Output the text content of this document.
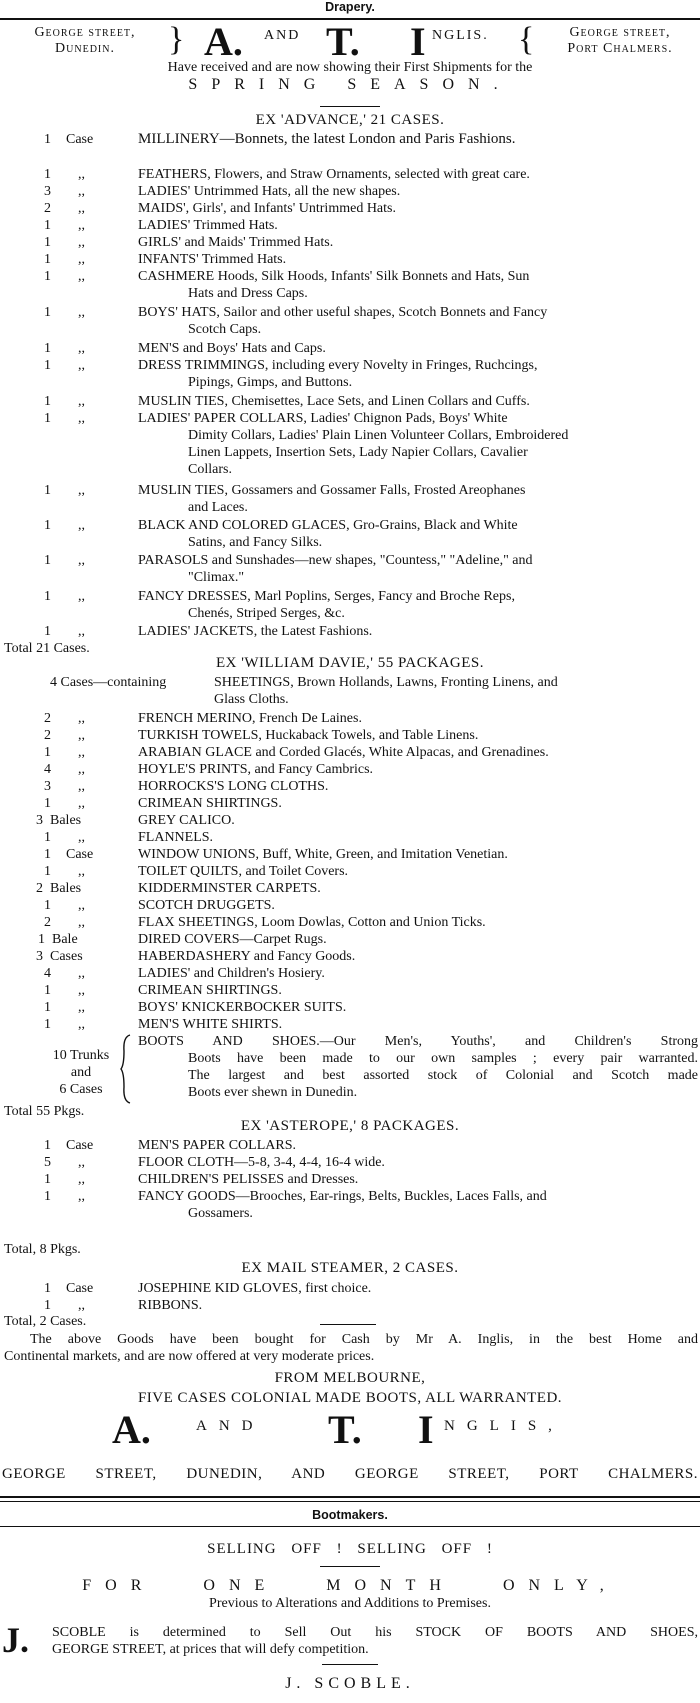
Drapery.
George street,
Dunedin.	} A. AND T. I NGLIS. {	George street,
Port Chalmers.
Have received and are now showing their First Shipments for the
SPRING SEASON.
EX 'ADVANCE,' 21 CASES.
1	Case	MILLINERY—Bonnets, the latest London and Paris Fashions.
1	,,	FEATHERS, Flowers, and Straw Ornaments, selected with great care.
3	,,	LADIES' Untrimmed Hats, all the new shapes.
2	,,	MAIDS', Girls', and Infants' Untrimmed Hats.
1	,,	LADIES' Trimmed Hats.
1	,,	GIRLS' and Maids' Trimmed Hats.
1	,,	INFANTS' Trimmed Hats.
1	,,	CASHMERE Hoods, Silk Hoods, Infants' Silk Bonnets and Hats, Sun
Hats and Dress Caps.
1	,,	BOYS' HATS, Sailor and other useful shapes, Scotch Bonnets and Fancy
Scotch Caps.
1	,,	MEN'S and Boys' Hats and Caps.
1	,,	DRESS TRIMMINGS, including every Novelty in Fringes, Ruchcings,
Pipings, Gimps, and Buttons.
1	,,	MUSLIN TIES, Chemisettes, Lace Sets, and Linen Collars and Cuffs.
1	,,	LADIES' PAPER COLLARS, Ladies' Chignon Pads, Boys' White
Dimity Collars, Ladies' Plain Linen Volunteer Collars, Embroidered
Linen Lappets, Insertion Sets, Lady Napier Collars, Cavalier
Collars.
1	,,	MUSLIN TIES, Gossamers and Gossamer Falls, Frosted Areophanes
and Laces.
1	,,	BLACK AND COLORED GLACES, Gro-Grains, Black and White
Satins, and Fancy Silks.
1	,,	PARASOLS and Sunshades—new shapes, "Countess," "Adeline," and
"Climax."
1	,,	FANCY DRESSES, Marl Poplins, Serges, Fancy and Broche Reps,
Chenés, Striped Serges, &c.
1	,,	LADIES' JACKETS, the Latest Fashions.
Total 21 Cases.
EX 'WILLIAM DAVIE,' 55 PACKAGES.
4 Cases—containing	SHEETINGS, Brown Hollands, Lawns, Fronting Linens, and
Glass Cloths.
2	,,	FRENCH MERINO, French De Laines.
2	,,	TURKISH TOWELS, Huckaback Towels, and Table Linens.
1	,,	ARABIAN GLACE and Corded Glacés, White Alpacas, and Grenadines.
4	,,	HOYLE'S PRINTS, and Fancy Cambrics.
3	,,	HORROCKS'S LONG CLOTHS.
1	,,	CRIMEAN SHIRTINGS.
3 Bales	GREY CALICO.
1	,,	FLANNELS.
1	Case	WINDOW UNIONS, Buff, White, Green, and Imitation Venetian.
1	,,	TOILET QUILTS, and Toilet Covers.
2 Bales	KIDDERMINSTER CARPETS.
1	,,	SCOTCH DRUGGETS.
2	,,	FLAX SHEETINGS, Loom Dowlas, Cotton and Union Ticks.
1 Bale	DIRED COVERS—Carpet Rugs.
3 Cases	HABERDASHERY and Fancy Goods.
4	,,	LADIES' and Children's Hosiery.
1	,,	CRIMEAN SHIRTINGS.
1	,,	BOYS' KNICKERBOCKER SUITS.
1	,,	MEN'S WHITE SHIRTS.
10 Trunks
and
6 Cases
BOOTS AND SHOES.—Our Men's, Youths', and Children's Strong
Boots have been made to our own samples ; every pair warranted.
The largest and best assorted stock of Colonial and Scotch made
Boots ever shewn in Dunedin.
Total 55 Pkgs.
EX 'ASTEROPE,' 8 PACKAGES.
1	Case	MEN'S PAPER COLLARS.
5	,,	FLOOR CLOTH—5-8, 3-4, 4-4, 16-4 wide.
1	,,	CHILDREN'S PELISSES and Dresses.
1	,,	FANCY GOODS—Brooches, Ear-rings, Belts, Buckles, Laces Falls, and
Gossamers.
Total, 8 Pkgs.
EX MAIL STEAMER, 2 CASES.
1	Case	JOSEPHINE KID GLOVES, first choice.
1	,,	RIBBONS.
Total, 2 Cases.
The above Goods have been bought for Cash by Mr A. Inglis, in the best Home and
Continental markets, and are now offered at very moderate prices.
FROM MELBOURNE,
FIVE CASES COLONIAL MADE BOOTS, ALL WARRANTED.
A.	AND T. I NGLIS,
GEORGE STREET, DUNEDIN, AND GEORGE STREET, PORT CHALMERS.
Bootmakers.
SELLING OFF ! SELLING OFF !
FOR ONE MONTH ONLY,
Previous to Alterations and Additions to Premises.
J. SCOBLE is determined to Sell Out his STOCK OF BOOTS AND SHOES,
GEORGE STREET, at prices that will defy competition.
J. SCOBLE.
